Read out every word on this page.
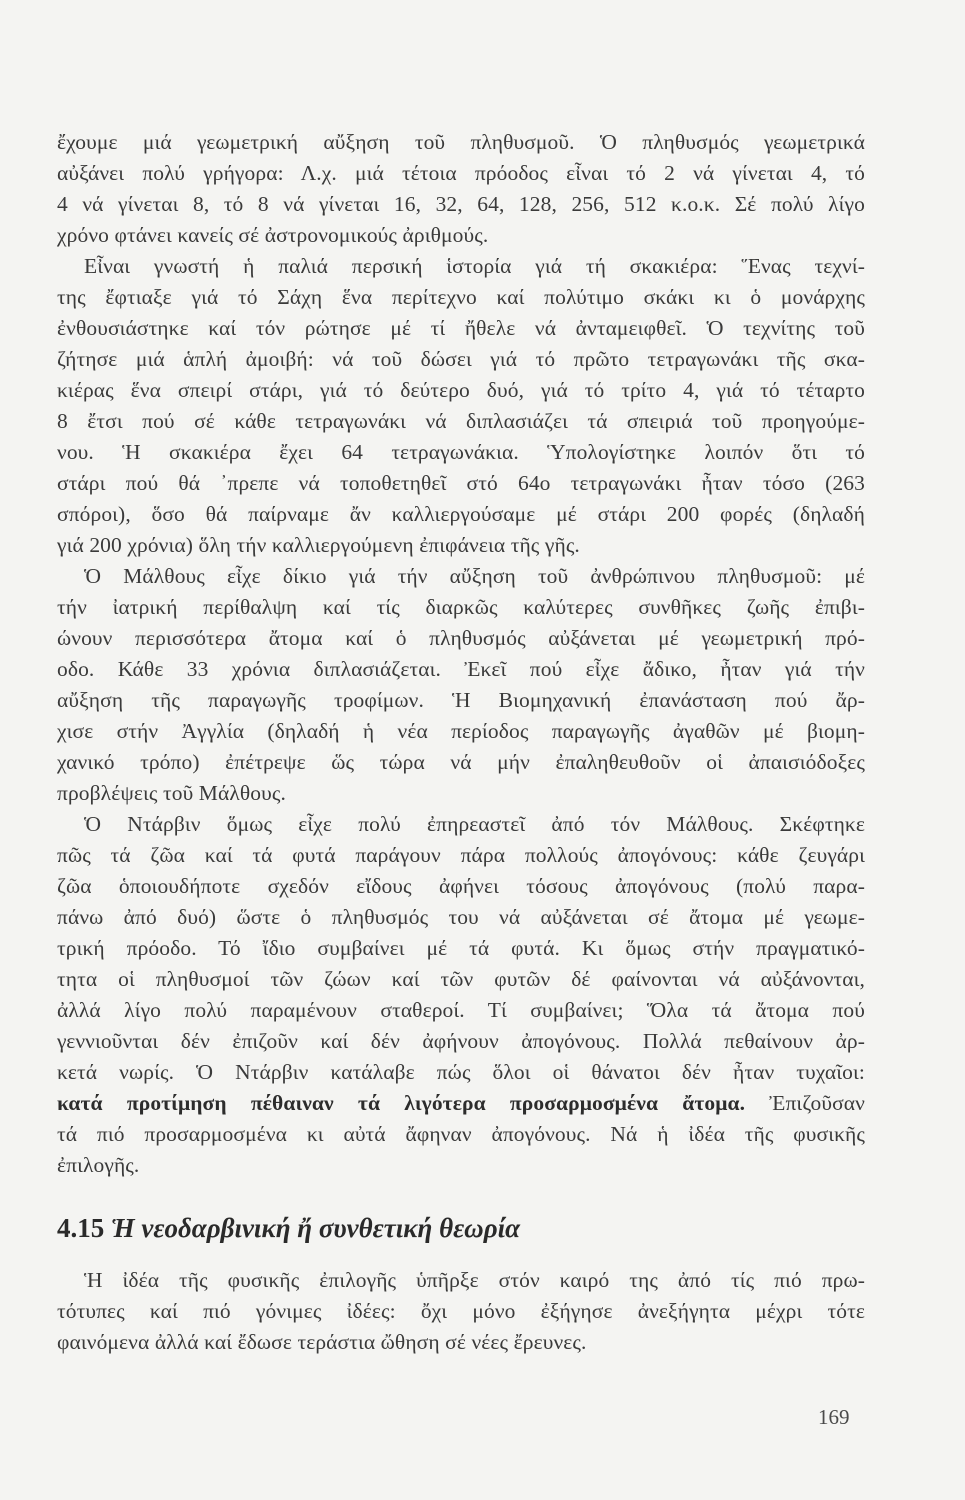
ἔχουμε μιά γεωμετρική αὔξηση τοῦ πληθυσμοῦ. Ὁ πληθυσμός γεωμετρικά
αὐξάνει πολύ γρήγορα: Λ.χ. μιά τέτοια πρόοδος εἶναι τό 2 νά γίνεται 4, τό
4 νά γίνεται 8, τό 8 νά γίνεται 16, 32, 64, 128, 256, 512 κ.ο.κ. Σέ πολύ λίγο
χρόνο φτάνει κανείς σέ ἀστρονομικούς ἀριθμούς.
Εἶναι γνωστή ἡ παλιά περσική ἱστορία γιά τή σκακιέρα: Ἕνας τεχνί-
της ἔφτιαξε γιά τό Σάχη ἕνα περίτεχνο καί πολύτιμο σκάκι κι ὁ μονάρχης
ἐνθουσιάστηκε καί τόν ρώτησε μέ τί ἤθελε νά ἀνταμειφθεῖ. Ὁ τεχνίτης τοῦ
ζήτησε μιά ἁπλή ἀμοιβή: νά τοῦ δώσει γιά τό πρῶτο τετραγωνάκι τῆς σκα-
κιέρας ἕνα σπειρί στάρι, γιά τό δεύτερο δυό, γιά τό τρίτο 4, γιά τό τέταρτο
8 ἔτσι πού σέ κάθε τετραγωνάκι νά διπλασιάζει τά σπειριά τοῦ προηγούμε-
νου. Ἡ σκακιέρα ἔχει 64 τετραγωνάκια. Ὑπολογίστηκε λοιπόν ὅτι τό
στάρι πού θά ᾽πρεπε νά τοποθετηθεῖ στό 64ο τετραγωνάκι ἦταν τόσο (263
σπόροι), ὅσο θά παίρναμε ἄν καλλιεργούσαμε μέ στάρι 200 φορές (δηλαδή
γιά 200 χρόνια) ὅλη τήν καλλιεργούμενη ἐπιφάνεια τῆς γῆς.
Ὁ Μάλθους εἶχε δίκιο γιά τήν αὔξηση τοῦ ἀνθρώπινου πληθυσμοῦ: μέ
τήν ἰατρική περίθαλψη καί τίς διαρκῶς καλύτερες συνθῆκες ζωῆς ἐπιβι-
ώνουν περισσότερα ἄτομα καί ὁ πληθυσμός αὐξάνεται μέ γεωμετρική πρό-
οδο. Κάθε 33 χρόνια διπλασιάζεται. Ἐκεῖ πού εἶχε ἄδικο, ἦταν γιά τήν
αὔξηση τῆς παραγωγῆς τροφίμων. Ἡ Βιομηχανική ἐπανάσταση πού ἄρ-
χισε στήν Ἀγγλία (δηλαδή ἡ νέα περίοδος παραγωγῆς ἀγαθῶν μέ βιομη-
χανικό τρόπο) ἐπέτρεψε ὥς τώρα νά μήν ἐπαληθευθοῦν οἱ ἀπαισιόδοξες
προβλέψεις τοῦ Μάλθους.
Ὁ Ντάρβιν ὅμως εἶχε πολύ ἐπηρεαστεῖ ἀπό τόν Μάλθους. Σκέφτηκε
πῶς τά ζῶα καί τά φυτά παράγουν πάρα πολλούς ἀπογόνους: κάθε ζευγάρι
ζῶα ὁποιουδήποτε σχεδόν εἴδους ἀφήνει τόσους ἀπογόνους (πολύ παρα-
πάνω ἀπό δυό) ὥστε ὁ πληθυσμός του νά αὐξάνεται σέ ἄτομα μέ γεωμε-
τρική πρόοδο. Τό ἴδιο συμβαίνει μέ τά φυτά. Κι ὅμως στήν πραγματικό-
τητα οἱ πληθυσμοί τῶν ζώων καί τῶν φυτῶν δέ φαίνονται νά αὐξάνονται,
ἀλλά λίγο πολύ παραμένουν σταθεροί. Τί συμβαίνει; Ὅλα τά ἄτομα πού
γεννιοῦνται δέν ἐπιζοῦν καί δέν ἀφήνουν ἀπογόνους. Πολλά πεθαίνουν ἀρ-
κετά νωρίς. Ὁ Ντάρβιν κατάλαβε πώς ὅλοι οἱ θάνατοι δέν ἦταν τυχαῖοι:
κατά προτίμηση πέθαιναν τά λιγότερα προσαρμοσμένα ἄτομα. Ἐπιζοῦσαν
τά πιό προσαρμοσμένα κι αὐτά ἄφηναν ἀπογόνους. Νά ἡ ἰδέα τῆς φυσικῆς
ἐπιλογῆς.
4.15 Ἡ νεοδαρβινική ἤ συνθετική θεωρία
Ἡ ἰδέα τῆς φυσικῆς ἐπιλογῆς ὑπῆρξε στόν καιρό της ἀπό τίς πιό πρω-
τότυπες καί πιό γόνιμες ἰδέες: ὄχι μόνο ἐξήγησε ἀνεξήγητα μέχρι τότε
φαινόμενα ἀλλά καί ἔδωσε τεράστια ὤθηση σέ νέες ἔρευνες.
169
